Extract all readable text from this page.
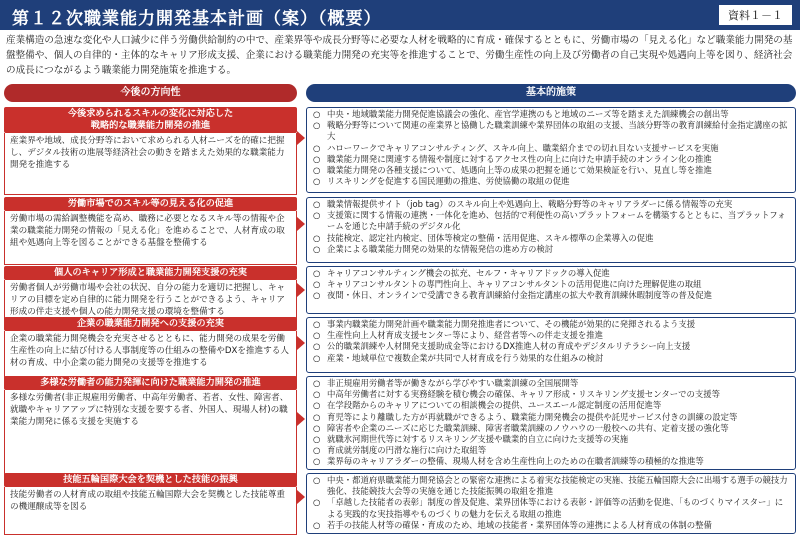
第１２次職業能力開発基本計画（案）（概要）	資料１－１
産業構造の急速な変化や人口減少に伴う労働供給制約の中で、産業界等や成長分野等に必要な人材を戦略的に育成・確保するとともに、労働市場の「見える化」など職業能力開発の基盤整備や、個人の自律的・主体的なキャリア形成支援、企業における職業能力開発の充実等を推進することで、労働生産性の向上及び労働者の自己実現や処遇向上等を図り、経済社会の成長につながるよう職業能力開発施策を推進する。
今後の方向性	基本的施策
今後求められるスキルの変化に対応した
戦略的な職業能力開発の推進
産業界や地域、成長分野等において求められる人材ニーズを的確に把握し、デジタル技術の進展等経済社会の動きを踏まえた効果的な職業能力開発を推進する
○ 中央・地域職業能力開発促進協議会の強化、産官学連携のもと地域のニーズ等を踏まえた訓練機会の創出等
○ 戦略分野等について関連の産業界と協働した職業訓練や業界団体の取組の支援、当該分野等の教育訓練給付金指定講座の拡大
○ ハローワークでキャリアコンサルティング、スキル向上、職業紹介までの切れ目ない支援サービスを実施
○ 職業能力開発に関連する情報や制度に対するアクセス性の向上に向けた申請手続のオンライン化の推進
○ 職業能力開発の各種支援について、処遇向上等の成果の把握を通じて効果検証を行い、見直し等を推進
○ リスキリングを促進する国民運動の推進、労使協働の取組の促進
労働市場でのスキル等の見える化の促進
労働市場の需給調整機能を高め、職務に必要となるスキル等の情報や企業の職業能力開発の情報の「見える化」を進めることで、人材育成の取組や処遇向上等を図ることができる基盤を整備する
○ 職業情報提供サイト（job tag）のスキル向上や処遇向上、戦略分野等のキャリアラダーに係る情報等の充実
○ 支援策に関する情報の連携・一体化を進め、包括的で利便性の高いプラットフォームを構築するとともに、当プラットフォームを通じた申請手続のデジタル化
○ 技能検定、認定社内検定、団体等検定の整備・活用促進、スキル標準の企業導入の促進
○ 企業による職業能力開発の効果的な情報発信の進め方の検討
個人のキャリア形成と職業能力開発支援の充実
労働者個人が労働市場や会社の状況、自分の能力を適切に把握し、キャリアの目標を定め自律的に能力開発を行うことができるよう、キャリア形成の伴走支援や個人の能力開発支援の環境を整備する
○ キャリアコンサルティング機会の拡充、セルフ・キャリアドックの導入促進
○ キャリアコンサルタントの専門性向上、キャリアコンサルタントの活用促進に向けた理解促進の取組
○ 夜間・休日、オンラインで受講できる教育訓練給付金指定講座の拡大や教育訓練休暇制度等の普及促進
企業の職業能力開発への支援の充実
企業の職業能力開発機会を充実させるとともに、能力開発の成果を労働生産性の向上に結び付ける人事制度等の仕組みの整備やDXを推進する人材の育成、中小企業の能力開発の支援等を推進する
○ 事業内職業能力開発計画や職業能力開発推進者について、その機能が効果的に発揮されるよう支援
○ 生産性向上人材育成支援センター等により、経営者等への伴走支援を推進
○ 公的職業訓練や人材開発支援助成金等におけるDX推進人材の育成やデジタルリテラシー向上支援
○ 産業・地域単位で複数企業が共同で人材育成を行う効果的な仕組みの検討
多様な労働者の能力発揮に向けた職業能力開発の推進
多様な労働者(非正規雇用労働者、中高年労働者、若者、女性、障害者、就職やキャリアアップに特別な支援を要する者、外国人、現場人材)の職業能力開発に係る支援を実施する
○ 非正規雇用労働者等が働きながら学びやすい職業訓練の全国展開等
○ 中高年労働者に対する実務経験を積む機会の確保、キャリア形成・リスキリング支援センターでの支援等
○ 在学段階からのキャリアについての相談機会の提供、ユースエール認定制度の活用促進等
○ 育児等により離職した方が再就職ができるよう、職業能力開発機会の提供や託児サービス付きの訓練の設定等
○ 障害者や企業のニーズに応じた職業訓練、障害者職業訓練のノウハウの一般校への共有、定着支援の強化等
○ 就職氷河期世代等に対するリスキリング支援や職業的自立に向けた支援等の実施
○ 育成就労制度の円滑な施行に向けた取組等
○ 業界毎のキャリアラダーの整備、現場人材を含め生産性向上のための在職者訓練等の積極的な推進等
技能五輪国際大会を契機とした技能の振興
技能労働者の人材育成の取組や技能五輪国際大会を契機とした技能尊重の機運醸成等を図る
○ 中央・都道府県職業能力開発協会との緊密な連携による着実な技能検定の実施、技能五輪国際大会に出場する選手の競技力強化、技能競技大会等の実施を通じた技能振興の取組を推進
○ 「卓越した技能者の表彰」制度の普及促進、業界団体等における表彰・評価等の活動を促進、「ものづくりマイスター」による実践的な実技指導やものづくりの魅力を伝える取組の推進
○ 若手の技能人材等の確保・育成のため、地域の技能者・業界団体等の連携による人材育成の体制の整備
